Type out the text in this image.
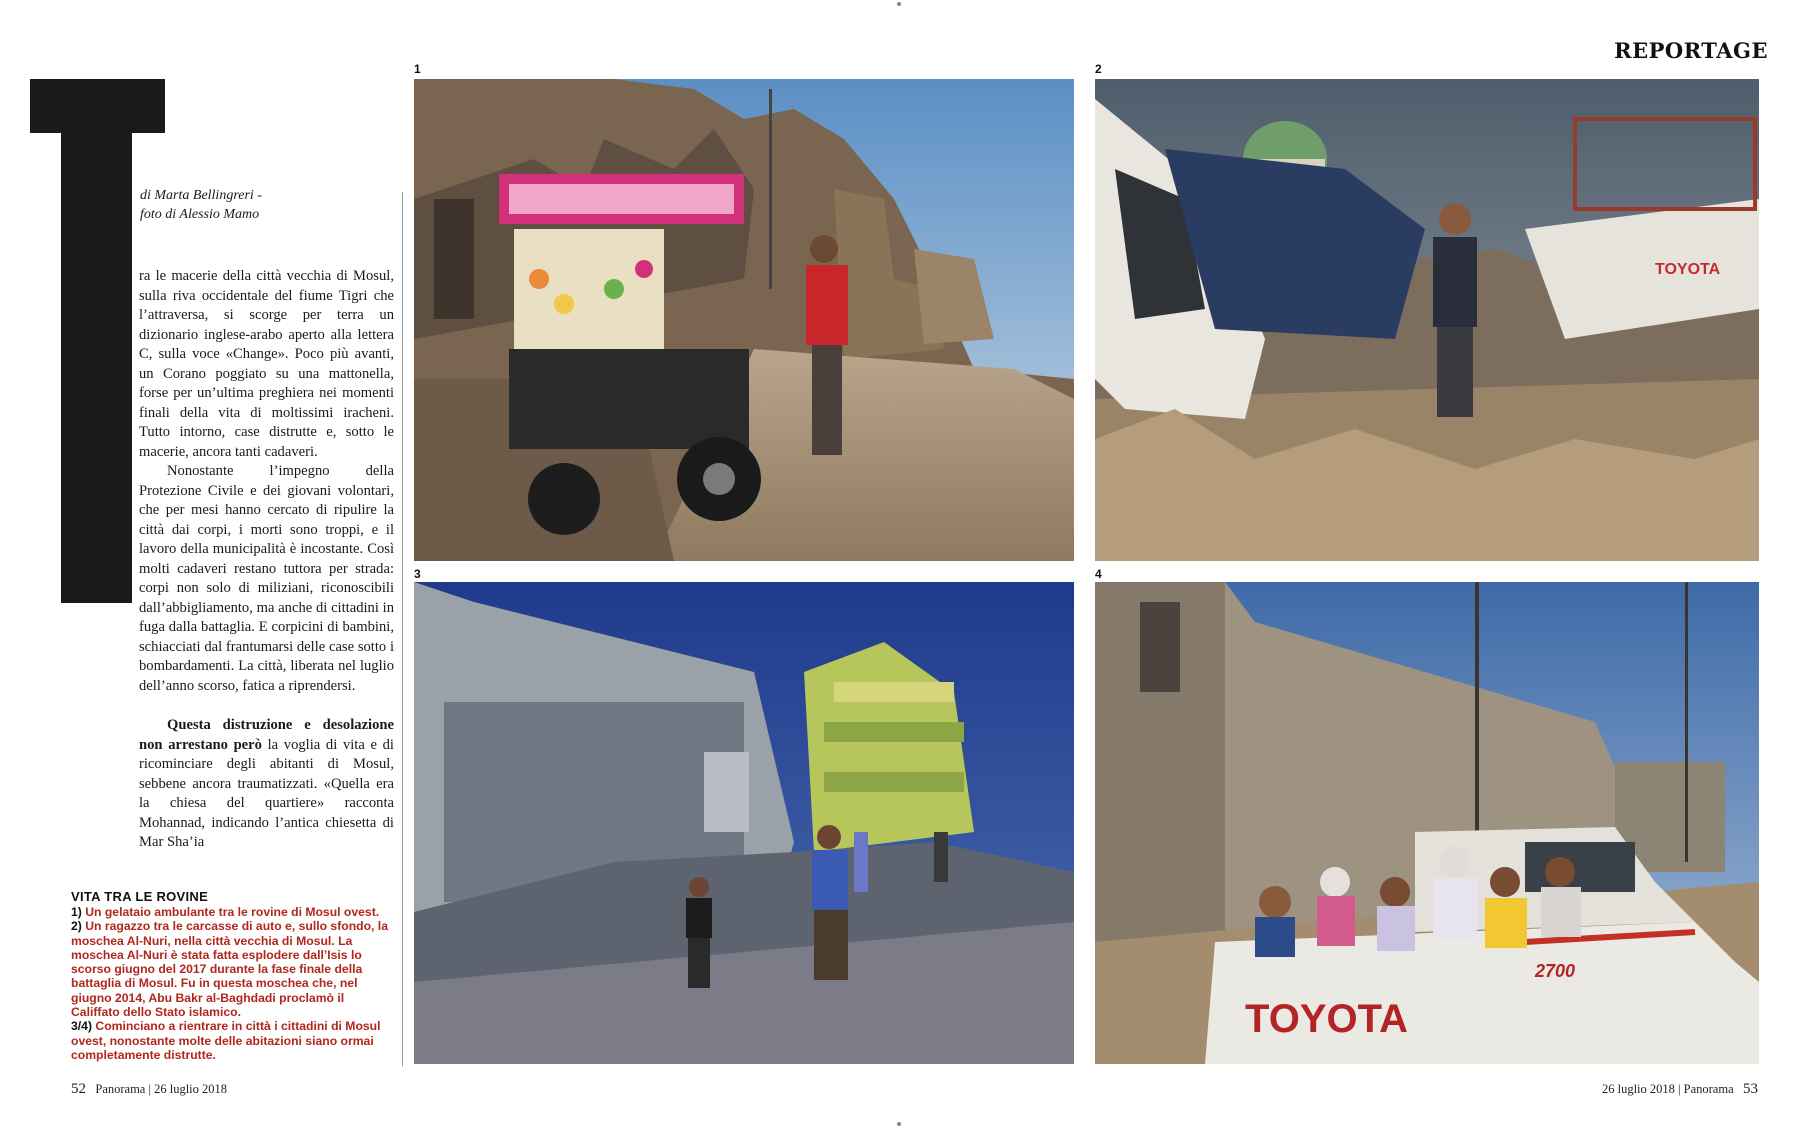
REPORTAGE
di Marta Bellingreri -
foto di Alessio Mamo

ra le macerie della città vecchia di Mosul, sulla riva occidentale del fiume Tigri che l’attraversa, si scorge per terra un dizionario inglese-arabo aperto alla lettera C, sulla voce «Change». Poco più avanti, un Corano poggiato su una mattonella, forse per un’ultima preghiera nei momenti finali della vita di moltissimi iracheni. Tutto intorno, case distrutte e, sotto le macerie, ancora tanti cadaveri.

Nonostante l’impegno della Protezione Civile e dei giovani volontari, che per mesi hanno cercato di ripulire la città dai corpi, i morti sono troppi, e il lavoro della municipalità è incostante. Così molti cadaveri restano tuttora per strada: corpi non solo di miliziani, riconoscibili dall’abbigliamento, ma anche di cittadini in fuga dalla battaglia. E corpicini di bambini, schiacciati dal frantumarsi delle case sotto i bombardamenti. La città, liberata nel luglio dell’anno scorso, fatica a riprendersi.

Questa distruzione e desolazione non arrestano però la voglia di vita e di ricominciare degli abitanti di Mosul, sebbene ancora traumatizzati. «Quella era la chiesa del quartiere» racconta Mohannad, indicando l’antica chiesetta di Mar Sha’ia

VITA TRA LE ROVINE
1) Un gelataio ambulante tra le rovine di Mosul ovest. 2) Un ragazzo tra le carcasse di auto e, sullo sfondo, la moschea Al-Nuri, nella città vecchia di Mosul. La moschea Al-Nuri è stata fatta esplodere dall’Isis lo scorso giugno del 2017 durante la fase finale della battaglia di Mosul. Fu in questa moschea che, nel giugno 2014, Abu Bakr al-Baghdadi proclamò il Califfato dello Stato islamico.
3/4) Cominciano a rientrare in città i cittadini di Mosul ovest, nonostante molte delle abitazioni siano ormai completamente distrutte.
1	2
3	4
TOYOTA
TOYOTA
2700
52 Panorama | 26 luglio 2018	26 luglio 2018 | Panorama 53
